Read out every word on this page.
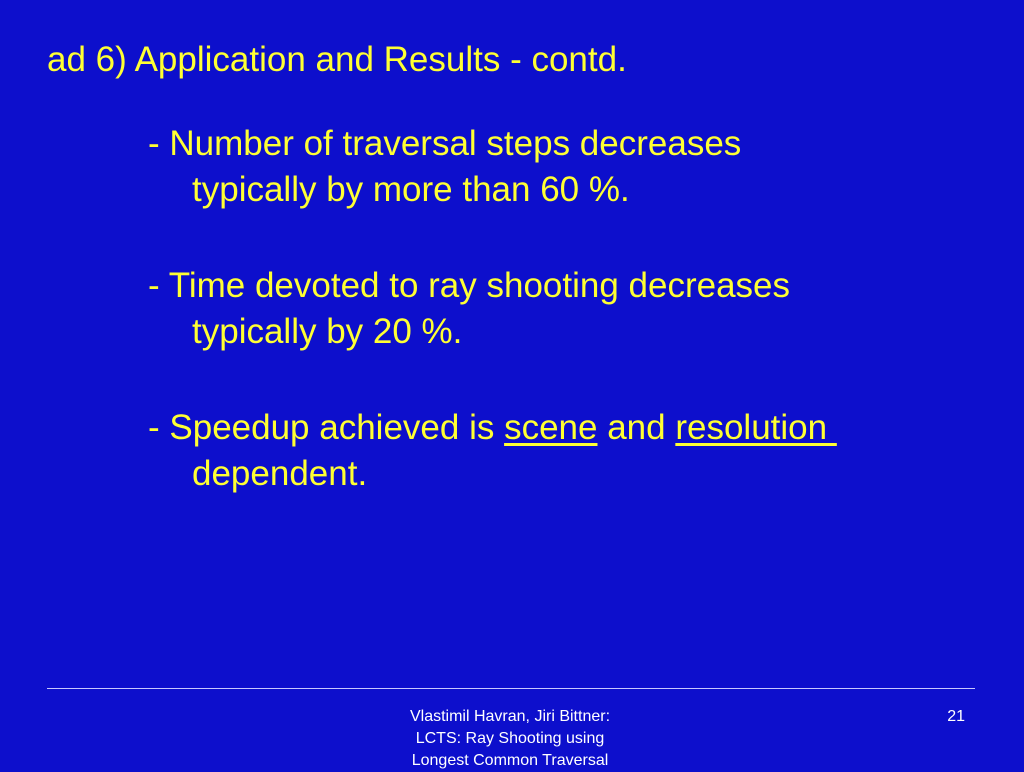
ad 6) Application and Results - contd.
- Number of traversal steps decreases
typically by more than 60 %.
- Time devoted to ray shooting decreases
typically by 20 %.
- Speedup achieved is scene and resolution
dependent.
Vlastimil Havran, Jiri Bittner:
LCTS: Ray Shooting using
Longest Common Traversal
21
